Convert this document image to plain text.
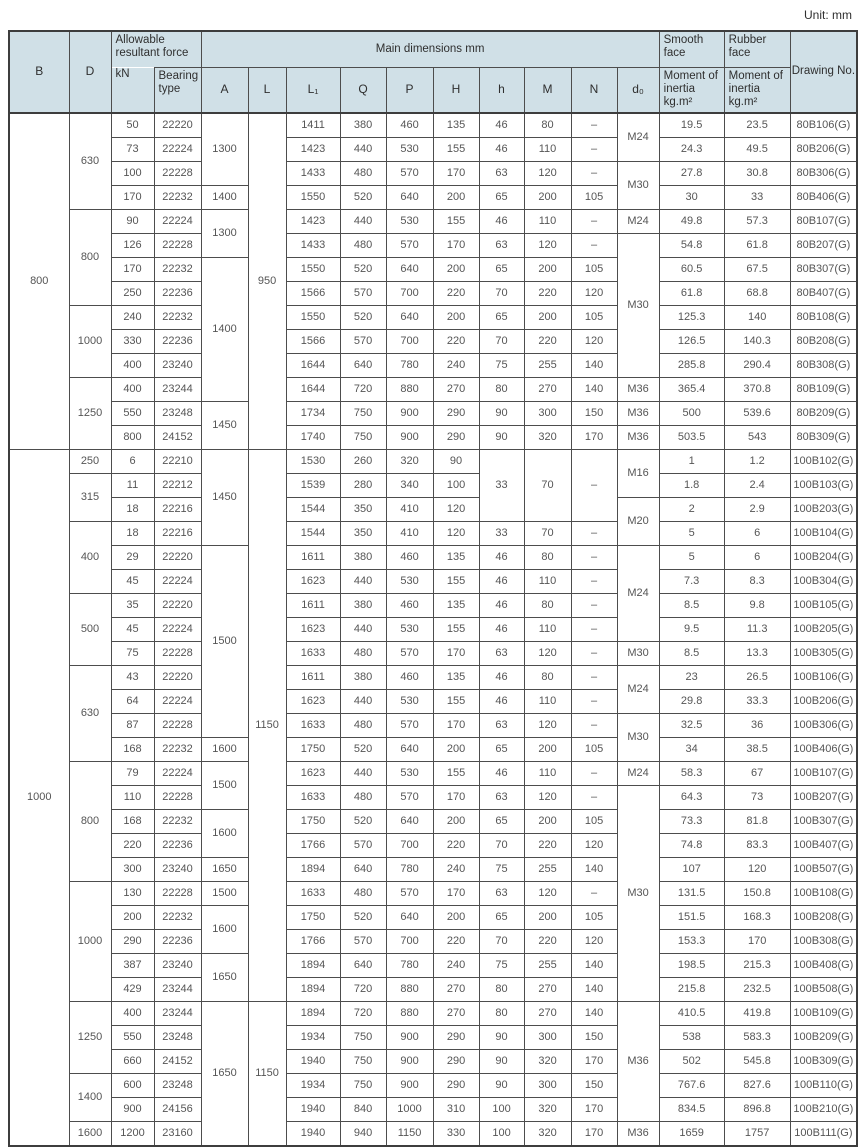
Unit: mm
B	D	Allowable resultant force		Main dimensions mm										Smooth face	Rubber face	Drawing No.
		kN	Bearing type	A	L	L₁	Q	P	H	h	M	N	d₀	Moment of inertia kg.m²	Moment of inertia kg.m²	
800	630	50	22220	1300	950	1411	380	460	135	46	80	–	M24	19.5	23.5	80B106(G)
		73	22224			1423	440	530	155	46	110	–		24.3	49.5	80B206(G)
		100	22228			1433	480	570	170	63	120	–	M30	27.8	30.8	80B306(G)
		170	22232	1400		1550	520	640	200	65	200	105		30	33	80B406(G)
	800	90	22224	1300		1423	440	530	155	46	110	–	M24	49.8	57.3	80B107(G)
		126	22228			1433	480	570	170	63	120	–	M30	54.8	61.8	80B207(G)
		170	22232	1400		1550	520	640	200	65	200	105		60.5	67.5	80B307(G)
		250	22236			1566	570	700	220	70	220	120		61.8	68.8	80B407(G)
	1000	240	22232			1550	520	640	200	65	200	105		125.3	140	80B108(G)
		330	22236			1566	570	700	220	70	220	120		126.5	140.3	80B208(G)
		400	23240			1644	640	780	240	75	255	140		285.8	290.4	80B308(G)
	1250	400	23244			1644	720	880	270	80	270	140	M36	365.4	370.8	80B109(G)
		550	23248	1450		1734	750	900	290	90	300	150	M36	500	539.6	80B209(G)
		800	24152			1740	750	900	290	90	320	170	M36	503.5	543	80B309(G)
1000	250	6	22210	1450	1150	1530	260	320	90	33	70	–	M16	1	1.2	100B102(G)
	315	11	22212			1539	280	340	100					1.8	2.4	100B103(G)
		18	22216			1544	350	410	120				M20	2	2.9	100B203(G)
	400	18	22216			1544	350	410	120	33	70	–		5	6	100B104(G)
		29	22220	1500		1611	380	460	135	46	80	–	M24	5	6	100B204(G)
		45	22224			1623	440	530	155	46	110	–		7.3	8.3	100B304(G)
	500	35	22220			1611	380	460	135	46	80	–		8.5	9.8	100B105(G)
		45	22224			1623	440	530	155	46	110	–		9.5	11.3	100B205(G)
		75	22228			1633	480	570	170	63	120	–	M30	8.5	13.3	100B305(G)
	630	43	22220			1611	380	460	135	46	80	–	M24	23	26.5	100B106(G)
		64	22224			1623	440	530	155	46	110	–		29.8	33.3	100B206(G)
		87	22228			1633	480	570	170	63	120	–	M30	32.5	36	100B306(G)
		168	22232	1600		1750	520	640	200	65	200	105		34	38.5	100B406(G)
	800	79	22224	1500		1623	440	530	155	46	110	–	M24	58.3	67	100B107(G)
		110	22228			1633	480	570	170	63	120	–	M30	64.3	73	100B207(G)
		168	22232	1600		1750	520	640	200	65	200	105		73.3	81.8	100B307(G)
		220	22236			1766	570	700	220	70	220	120		74.8	83.3	100B407(G)
		300	23240	1650		1894	640	780	240	75	255	140		107	120	100B507(G)
	1000	130	22228	1500		1633	480	570	170	63	120	–		131.5	150.8	100B108(G)
		200	22232	1600		1750	520	640	200	65	200	105		151.5	168.3	100B208(G)
		290	22236			1766	570	700	220	70	220	120		153.3	170	100B308(G)
		387	23240	1650		1894	640	780	240	75	255	140		198.5	215.3	100B408(G)
		429	23244			1894	720	880	270	80	270	140		215.8	232.5	100B508(G)
	1250	400	23244	1650	1150	1894	720	880	270	80	270	140	M36	410.5	419.8	100B109(G)
		550	23248			1934	750	900	290	90	300	150		538	583.3	100B209(G)
		660	24152			1940	750	900	290	90	320	170		502	545.8	100B309(G)
	1400	600	23248			1934	750	900	290	90	300	150		767.6	827.6	100B110(G)
		900	24156			1940	840	1000	310	100	320	170		834.5	896.8	100B210(G)
	1600	1200	23160			1940	940	1150	330	100	320	170	M36	1659	1757	100B111(G)
